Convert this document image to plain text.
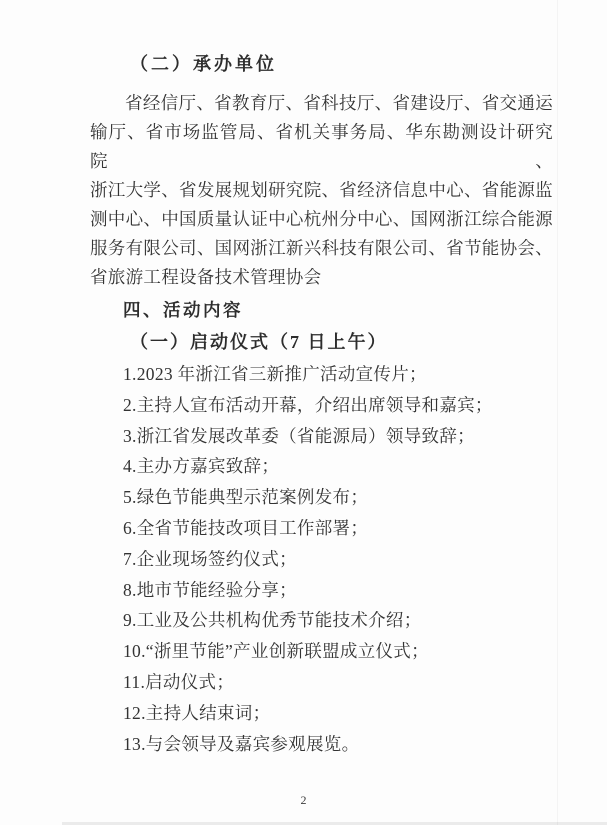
（二）承办单位
省经信厅、省教育厅、省科技厅、省建设厅、省交通运
输厅、省市场监管局、省机关事务局、华东勘测设计研究院、
浙江大学、省发展规划研究院、省经济信息中心、省能源监
测中心、中国质量认证中心杭州分中心、国网浙江综合能源
服务有限公司、国网浙江新兴科技有限公司、省节能协会、
省旅游工程设备技术管理协会
四、活动内容
（一）启动仪式（7 日上午）
1.2023 年浙江省三新推广活动宣传片；
2.主持人宣布活动开幕，介绍出席领导和嘉宾；
3.浙江省发展改革委（省能源局）领导致辞；
4.主办方嘉宾致辞；
5.绿色节能典型示范案例发布；
6.全省节能技改项目工作部署；
7.企业现场签约仪式；
8.地市节能经验分享；
9.工业及公共机构优秀节能技术介绍；
10.“浙里节能”产业创新联盟成立仪式；
11.启动仪式；
12.主持人结束词；
13.与会领导及嘉宾参观展览。
2
